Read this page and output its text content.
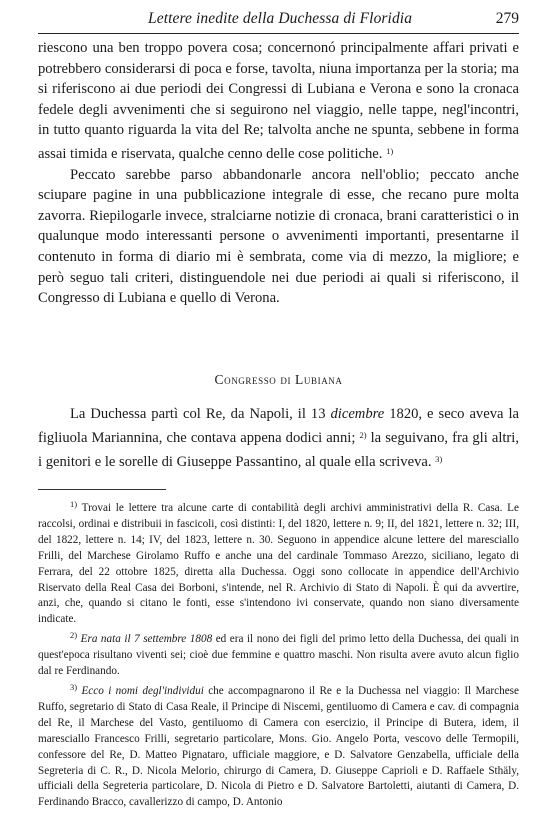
Lettere inedite della Duchessa di Floridia	279

riescono una ben troppo povera cosa; concernonó principalmente affari privati e potrebbero considerarsi di poca e forse, tavolta, niuna importanza per la storia; ma si riferiscono ai due periodi dei Congressi di Lubiana e Verona e sono la cronaca fedele degli avvenimenti che si seguirono nel viaggio, nelle tappe, negl'incontri, in tutto quanto riguarda la vita del Re; talvolta anche ne spunta, sebbene in forma assai timida e riservata, qualche cenno delle cose politiche. $^{1)}$

Peccato sarebbe parso abbandonarle ancora nell'oblio; peccato anche sciupare pagine in una pubblicazione integrale di esse, che recano pure molta zavorra. Riepilogarle invece, stralciarne notizie di cronaca, brani caratteristici o in qualunque modo interessanti persone o avvenimenti importanti, presentarne il contenuto in forma di diario mi è sembrata, come via di mezzo, la migliore; e però seguo tali criteri, distinguendole nei due periodi ai quali si riferiscono, il Congresso di Lubiana e quello di Verona.

Congresso di Lubiana

La Duchessa partì col Re, da Napoli, il 13 dicembre 1820, e seco aveva la figliuola Mariannina, che contava appena dodici anni; $^{2)}$ la seguivano, fra gli altri, i genitori e le sorelle di Giuseppe Passantino, al quale ella scriveva. $^{3)}$

$^{1)}$ Trovai le lettere tra alcune carte di contabilità degli archivi amministrativi della R. Casa. Le raccolsi, ordinai e distribuii in fascicoli, così distinti: I, del 1820, lettere n. 9; II, del 1821, lettere n. 32; III, del 1822, lettere n. 14; IV, del 1823, lettere n. 30. Seguono in appendice alcune lettere del maresciallo Frilli, del Marchese Girolamo Ruffo e anche una del cardinale Tommaso Arezzo, siciliano, legato di Ferrara, del 22 ottobre 1825, diretta alla Duchessa. Oggi sono collocate in appendice dell'Archivio Riservato della Real Casa dei Borboni, s'intende, nel R. Archivio di Stato di Napoli. È qui da avvertire, anzi, che, quando si citano le fonti, esse s'intendono ivi conservate, quando non siano diversamente indicate.

$^{2)}$ Era nata il 7 settembre 1808 ed era il nono dei figli del primo letto della Duchessa, dei quali in quest'epoca risultano viventi sei; cioè due femmine e quattro maschi. Non risulta avere avuto alcun figlio dal re Ferdinando.

$^{3)}$ Ecco i nomi degl'individui che accompagnarono il Re e la Duchessa nel viaggio: Il Marchese Ruffo, segretario di Stato di Casa Reale, il Principe di Niscemi, gentiluomo di Camera e cav. di compagnia del Re, il Marchese del Vasto, gentiluomo di Camera con esercizio, il Principe di Butera, idem, il maresciallo Francesco Frilli, segretario particolare, Mons. Gio. Angelo Porta, vescovo delle Termopili, confessore del Re, D. Matteo Pignataro, ufficiale maggiore, e D. Salvatore Genzabella, ufficiale della Segreteria di C. R., D. Nicola Melorio, chirurgo di Camera, D. Giuseppe Caprioli e D. Raffaele Sthäly, ufficiali della Segreteria particolare, D. Nicola di Pietro e D. Salvatore Bartoletti, aiutanti di Camera, D. Ferdinando Bracco, cavallerizzo di campo, D. Antonio
